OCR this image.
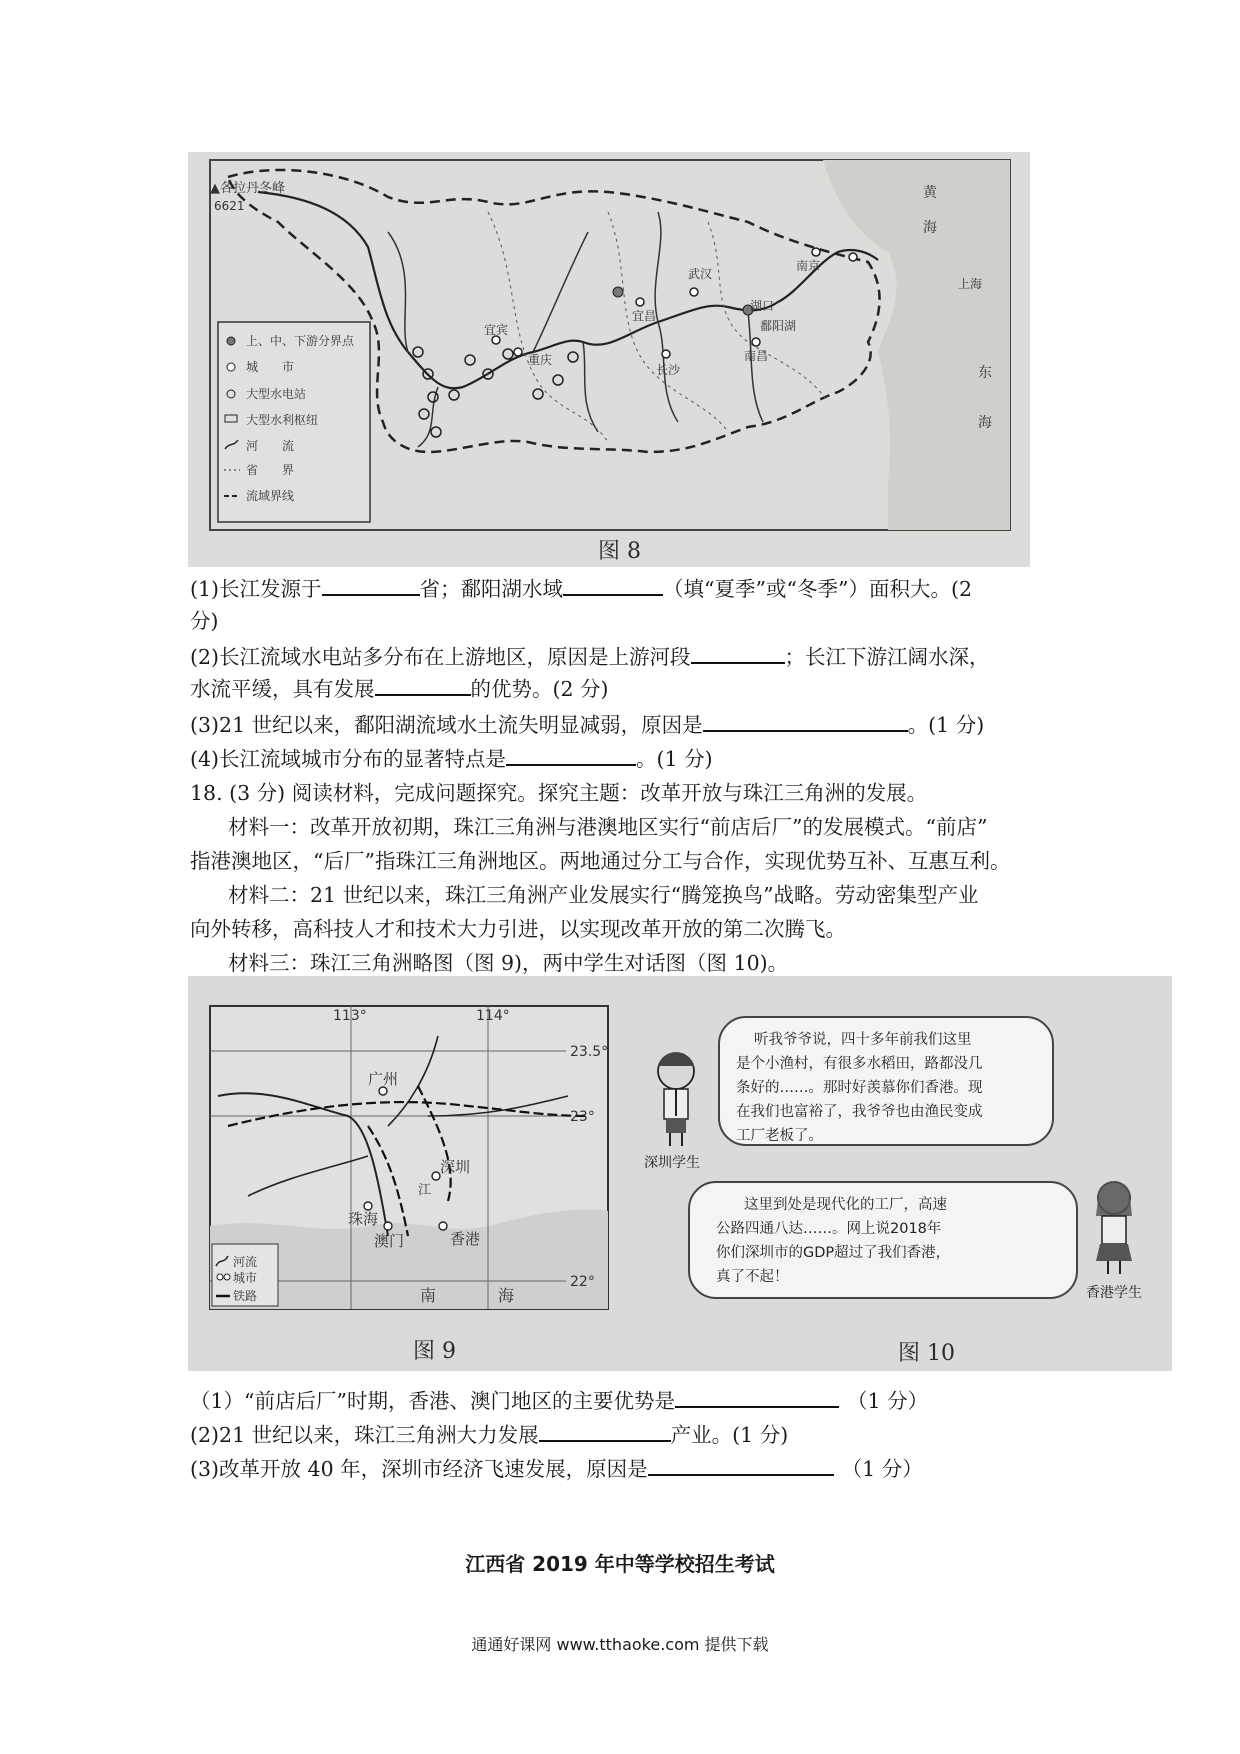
▲各拉丹冬峰
6621
黄
海
东
海
南京
上海
武汉
宜昌
湖口
鄱阳湖
南昌
长沙
宜宾
重庆
上、中、下游分界点
城　　市
大型水电站
大型水利枢纽
河　　流
省　　界
流域界线
图 8
(1)长江发源于	省；鄱阳湖水域	（填“夏季”或“冬季”）面积大。(2
分)
(2)长江流域水电站多分布在上游地区，原因是上游河段	；长江下游江阔水深，
水流平缓，具有发展	的优势。(2 分)
(3)21 世纪以来，鄱阳湖流域水土流失明显减弱，原因是	。(1 分)
(4)长江流域城市分布的显著特点是	。(1 分)
18. (3 分) 阅读材料，完成问题探究。探究主题：改革开放与珠江三角洲的发展。
材料一：改革开放初期，珠江三角洲与港澳地区实行“前店后厂”的发展模式。“前店”
指港澳地区，“后厂”指珠江三角洲地区。两地通过分工与合作，实现优势互补、互惠互利。
材料二：21 世纪以来，珠江三角洲产业发展实行“腾笼换鸟”战略。劳动密集型产业
向外转移，高科技人才和技术大力引进，以实现改革开放的第二次腾飞。
材料三：珠江三角洲略图（图 9)，两中学生对话图（图 10)。
113°	114°
23.5°
23°
22°
广州
深圳
江
珠海
澳门	香港
南	海
河流
城市
铁路
图 9
听我爷爷说，四十多年前我们这里
是个小渔村，有很多水稻田，路都没几
条好的……。那时好羡慕你们香港。现
在我们也富裕了，我爷爷也由渔民变成
工厂老板了。
深圳学生
这里到处是现代化的工厂，高速
公路四通八达……。网上说2018年
你们深圳市的GDP超过了我们香港，
真了不起！
香港学生
图 10
（1）“前店后厂”时期，香港、澳门地区的主要优势是	（1 分）
(2)21 世纪以来，珠江三角洲大力发展	产业。(1 分)
(3)改革开放 40 年，深圳市经济飞速发展，原因是	（1 分）
江西省 2019 年中等学校招生考试
通通好课网 www.tthaoke.com 提供下载
